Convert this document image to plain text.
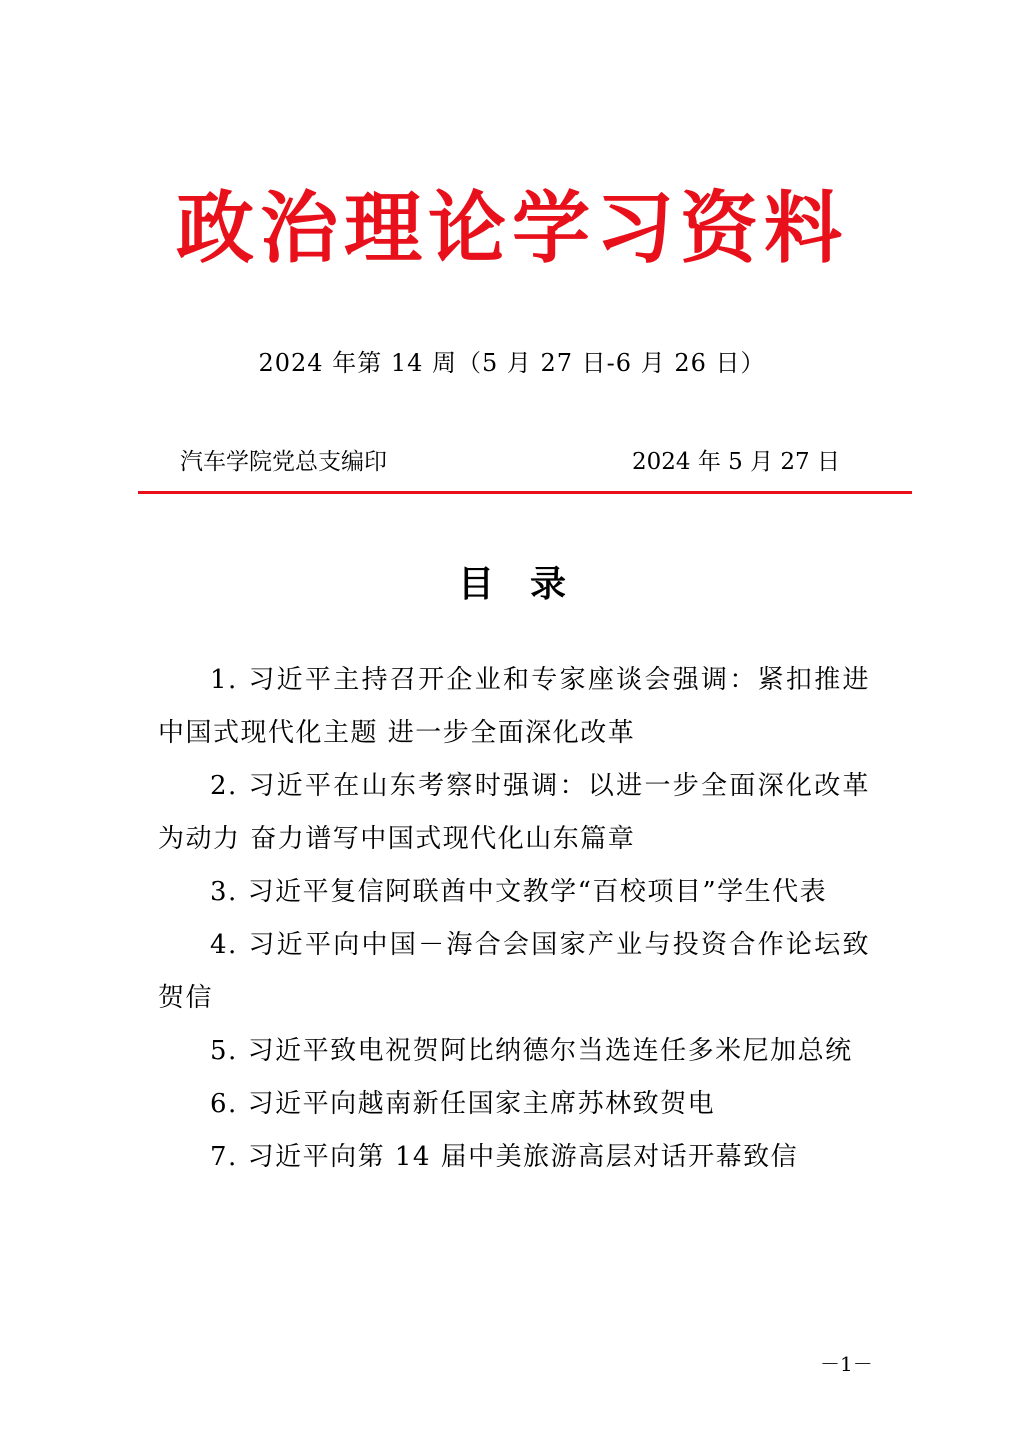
政治理论学习资料
2024 年第 14 周（5 月 27 日-6 月 26 日）
汽车学院党总支编印	2024 年 5 月 27 日
目　录

1. 习近平主持召开企业和专家座谈会强调：紧扣推进中国式现代化主题 进一步全面深化改革

2. 习近平在山东考察时强调：以进一步全面深化改革为动力 奋力谱写中国式现代化山东篇章

3. 习近平复信阿联酋中文教学“百校项目”学生代表

4. 习近平向中国－海合会国家产业与投资合作论坛致贺信

5. 习近平致电祝贺阿比纳德尔当选连任多米尼加总统

6. 习近平向越南新任国家主席苏林致贺电

7. 习近平向第 14 届中美旅游高层对话开幕致信

－1－
